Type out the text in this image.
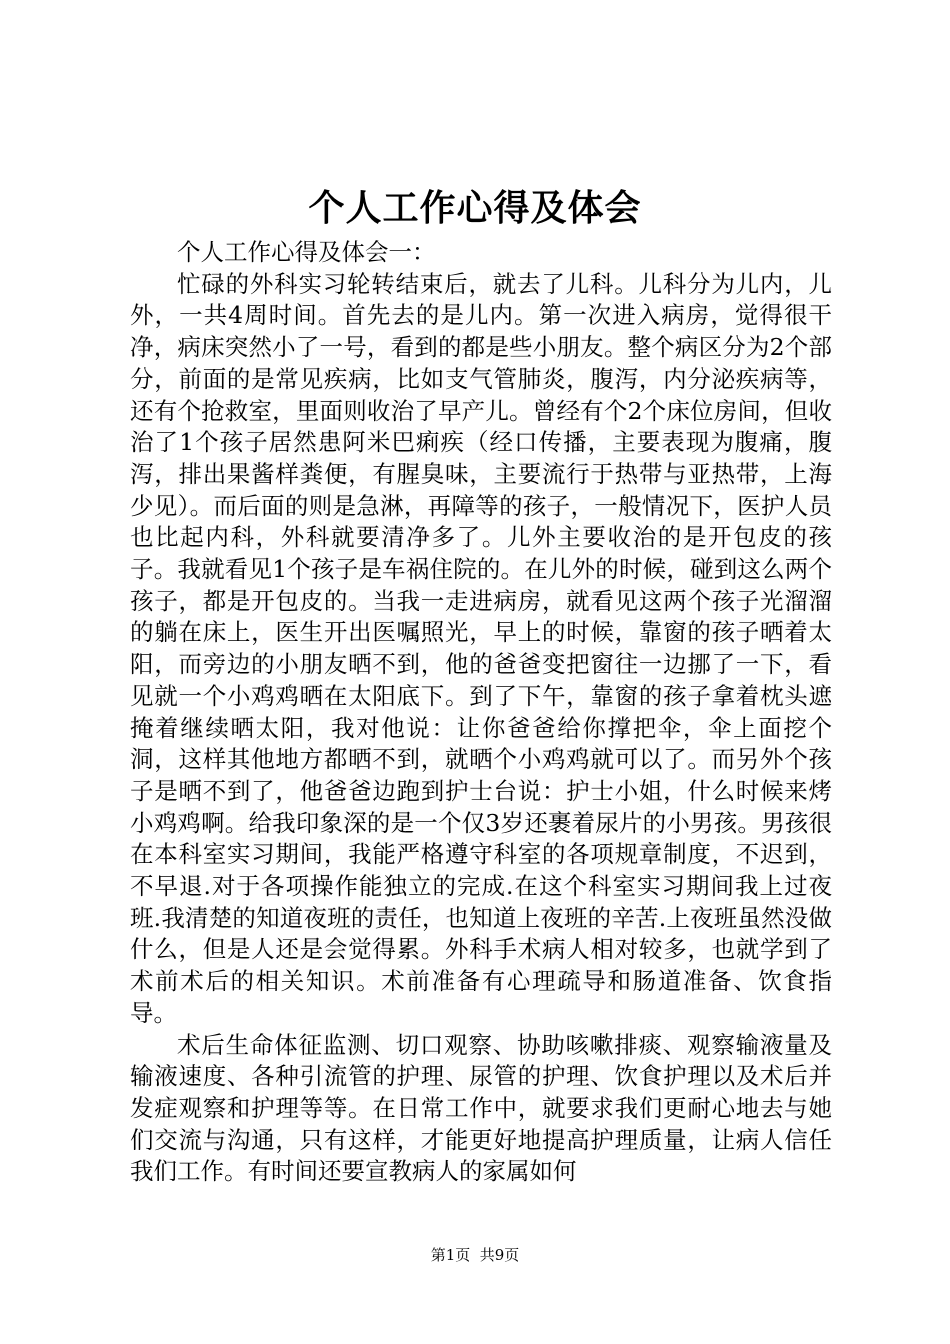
个人工作心得及体会

个人工作心得及体会一：

忙碌的外科实习轮转结束后，就去了儿科。儿科分为儿内，儿外，一共4周时间。首先去的是儿内。第一次进入病房，觉得很干净，病床突然小了一号，看到的都是些小朋友。整个病区分为2个部分，前面的是常见疾病，比如支气管肺炎，腹泻，内分泌疾病等，还有个抢救室，里面则收治了早产儿。曾经有个2个床位房间，但收治了1个孩子居然患阿米巴痢疾（经口传播，主要表现为腹痛，腹泻，排出果酱样粪便，有腥臭味，主要流行于热带与亚热带，上海少见）。而后面的则是急淋，再障等的孩子，一般情况下，医护人员也比起内科，外科就要清净多了。儿外主要收治的是开包皮的孩子。我就看见1个孩子是车祸住院的。在儿外的时候，碰到这么两个孩子，都是开包皮的。当我一走进病房，就看见这两个孩子光溜溜的躺在床上，医生开出医嘱照光，早上的时候，靠窗的孩子晒着太阳，而旁边的小朋友晒不到，他的爸爸变把窗往一边挪了一下，看见就一个小鸡鸡晒在太阳底下。到了下午，靠窗的孩子拿着枕头遮掩着继续晒太阳，我对他说：让你爸爸给你撑把伞，伞上面挖个洞，这样其他地方都晒不到，就晒个小鸡鸡就可以了。而另外个孩子是晒不到了，他爸爸边跑到护士台说：护士小姐，什么时候来烤小鸡鸡啊。给我印象深的是一个仅3岁还裹着尿片的小男孩。男孩很在本科室实习期间，我能严格遵守科室的各项规章制度，不迟到，不早退.对于各项操作能独立的完成.在这个科室实习期间我上过夜班.我清楚的知道夜班的责任，也知道上夜班的辛苦.上夜班虽然没做什么，但是人还是会觉得累。外科手术病人相对较多，也就学到了术前术后的相关知识。术前准备有心理疏导和肠道准备、饮食指导。

术后生命体征监测、切口观察、协助咳嗽排痰、观察输液量及输液速度、各种引流管的护理、尿管的护理、饮食护理以及术后并发症观察和护理等等。在日常工作中，就要求我们更耐心地去与她们交流与沟通，只有这样，才能更好地提高护理质量，让病人信任我们工作。有时间还要宣教病人的家属如何

第1页  共9页
